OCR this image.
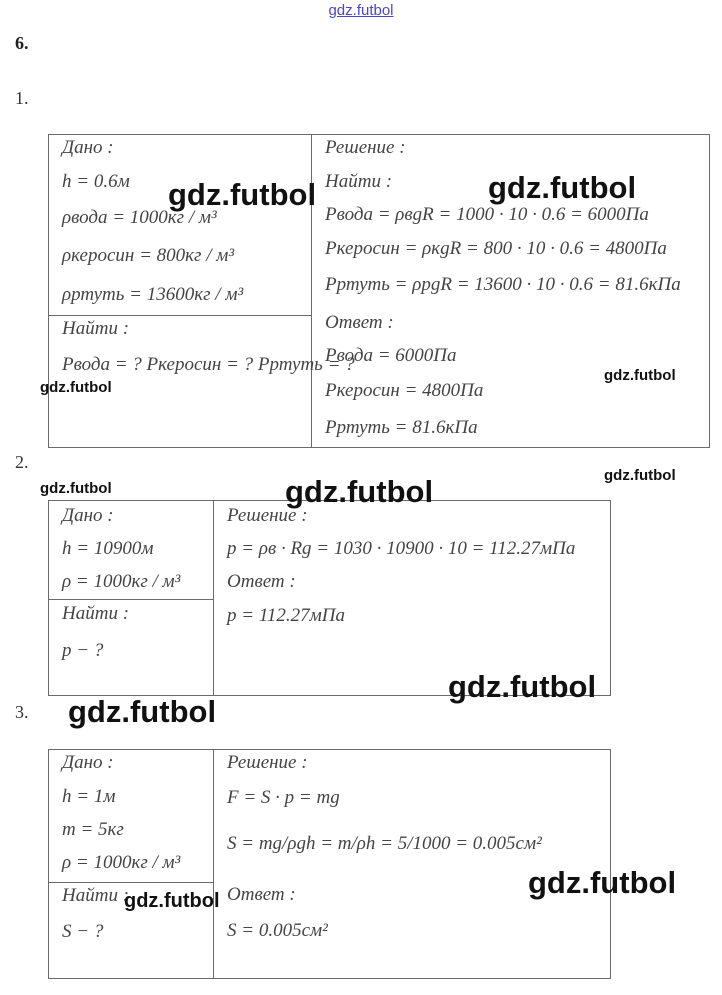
gdz.futbol
6.
1.
Дано :
h = 0.6м
ρвода = 1000кг / м³
ρкеросин = 800кг / м³
ρртуть = 13600кг / м³
Найти :
Pвода = ? Pкеросин = ? Pртуть = ?
Решение :
Найти :
Pвода = ρвgR = 1000 · 10 · 0.6 = 6000Па
Pкеросин = ρкgR = 800 · 10 · 0.6 = 4800Па
Pртуть = ρрgR = 13600 · 10 · 0.6 = 81.6кПа
Ответ :
Pвода = 6000Па
Pкеросин = 4800Па
Pртуть = 81.6кПа
2.
Дано :
h = 10900м
ρ = 1000кг / м³
Найти :
p − ?
Решение :
p = ρв · Rg = 1030 · 10900 · 10 = 112.27мПа
Ответ :
p = 112.27мПа
3.
Дано :
h = 1м
m = 5кг
ρ = 1000кг / м³
Найти :
S − ?
Решение :
F = S · p = mg
S = mg/ρgh = m/ρh = 5/1000 = 0.005см²
Ответ :
S = 0.005см²
gdz.futbol	gdz.futbol
gdz.futbol
gdz.futbol
gdz.futbol
gdz.futbol
gdz.futbol
gdz.futbol
gdz.futbol
gdz.futbol
gdz.futbol
